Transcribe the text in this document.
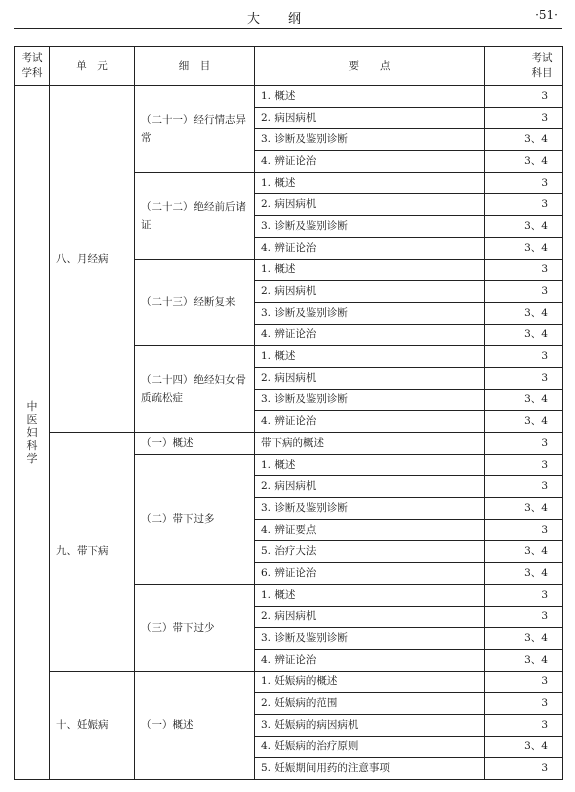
大纲	·51·
考试学科	单　元	细　目	要　　点	考试科目

中医妇科学	八、月经病	（二十一）经行情志异常	1. 概述	3
			2. 病因病机	3
			3. 诊断及鉴别诊断	3、4
			4. 辨证论治	3、4
		（二十二）绝经前后诸证	1. 概述	3
			2. 病因病机	3
			3. 诊断及鉴别诊断	3、4
			4. 辨证论治	3、4
		（二十三）经断复来	1. 概述	3
			2. 病因病机	3
			3. 诊断及鉴别诊断	3、4
			4. 辨证论治	3、4
		（二十四）绝经妇女骨质疏松症	1. 概述	3
			2. 病因病机	3
			3. 诊断及鉴别诊断	3、4
			4. 辨证论治	3、4
	九、带下病	（一）概述	带下病的概述	3
		（二）带下过多	1. 概述	3
			2. 病因病机	3
			3. 诊断及鉴别诊断	3、4
			4. 辨证要点	3
			5. 治疗大法	3、4
			6. 辨证论治	3、4
		（三）带下过少	1. 概述	3
			2. 病因病机	3
			3. 诊断及鉴别诊断	3、4
			4. 辨证论治	3、4
	十、妊娠病	（一）概述	1. 妊娠病的概述	3
			2. 妊娠病的范围	3
			3. 妊娠病的病因病机	3
			4. 妊娠病的治疗原则	3、4
			5. 妊娠期间用药的注意事项	3
